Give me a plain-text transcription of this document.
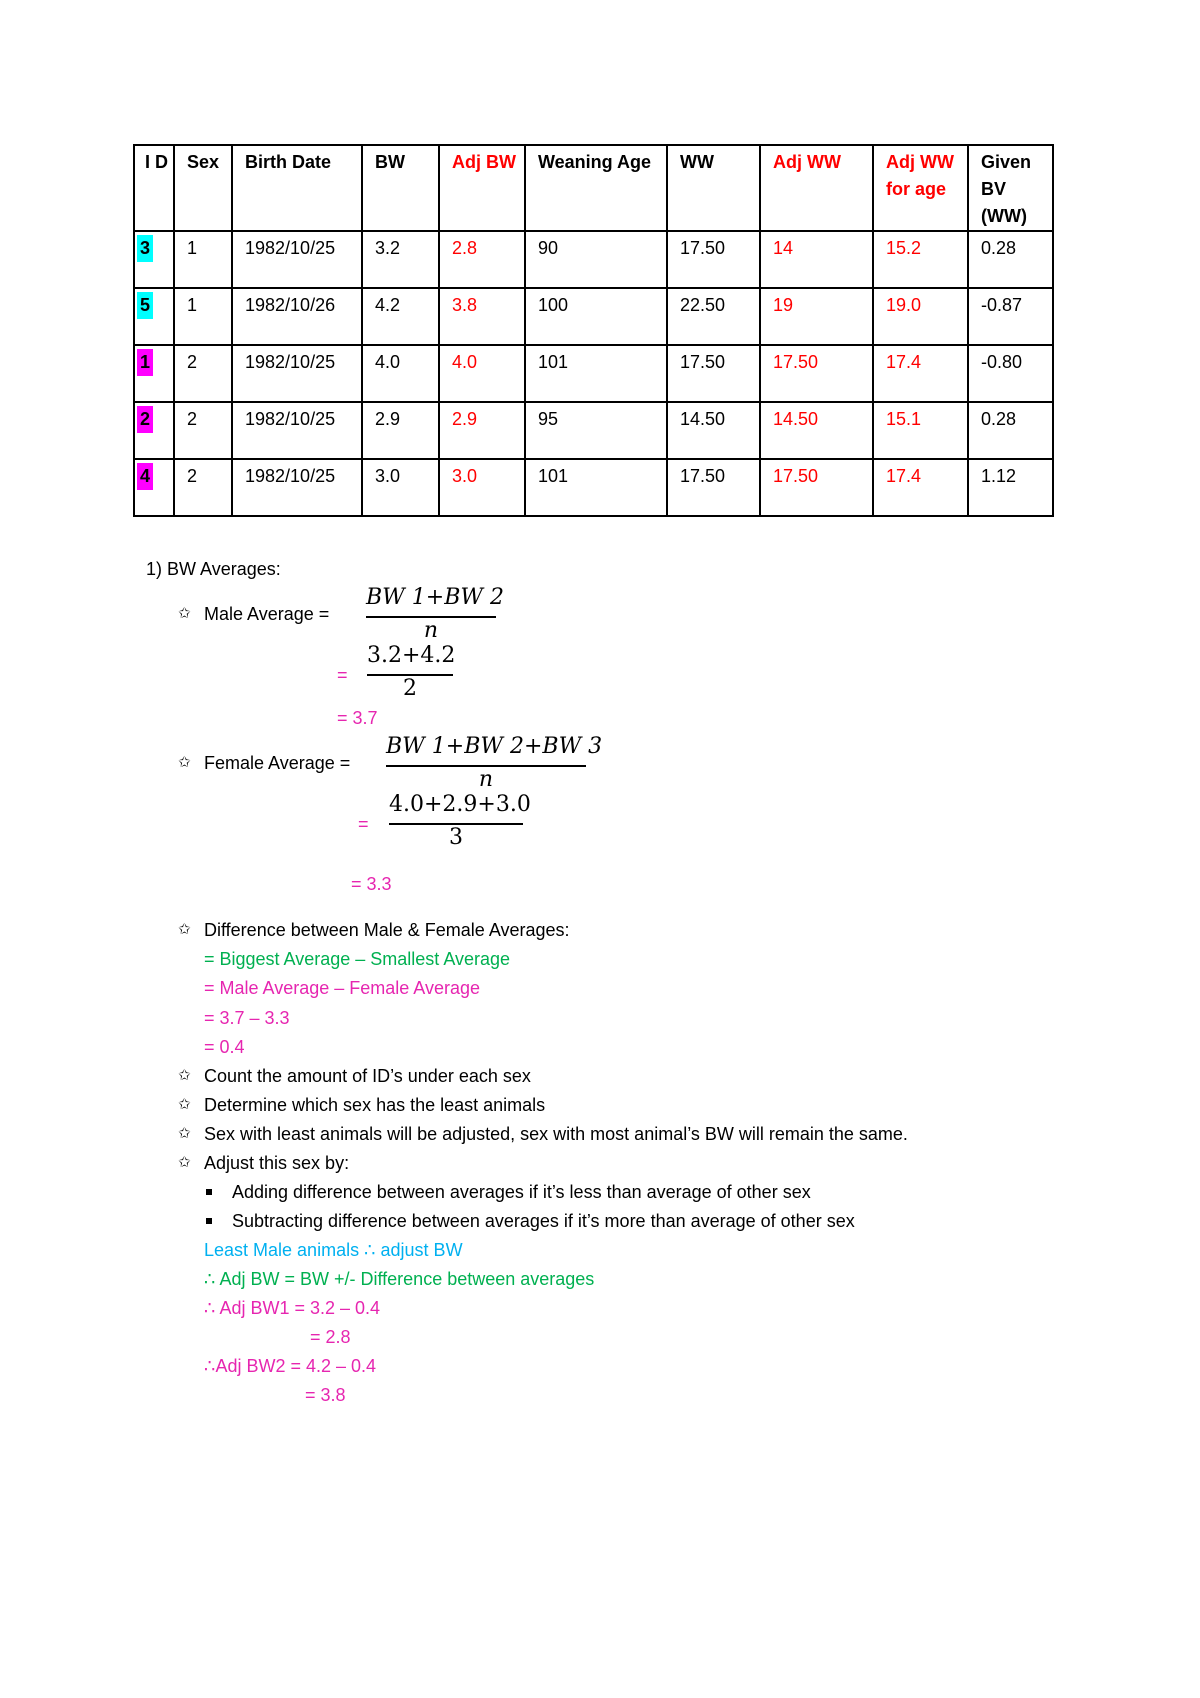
I D	Sex	Birth Date	BW	Adj BW	Weaning Age	WW	Adj WW	Adj WW for age	Given BV (WW)

3	1	1982/10/25	3.2	2.8	90	17.50	14	15.2	0.28

5	1	1982/10/26	4.2	3.8	100	22.50	19	19.0	-0.87

1	2	1982/10/25	4.0	4.0	101	17.50	17.50	17.4	-0.80

2	2	1982/10/25	2.9	2.9	95	14.50	14.50	15.1	0.28

4	2	1982/10/25	3.0	3.0	101	17.50	17.50	17.4	1.12
1) BW Averages:
✩ Male Average =
BW 1+BW 2
n
=
3.2+4.2
2
= 3.7
✩ Female Average =
BW 1+BW 2+BW 3
n
=
4.0+2.9+3.0
3
= 3.3
✩ Difference between Male & Female Averages:
= Biggest Average – Smallest Average
= Male Average – Female Average
= 3.7 – 3.3
= 0.4
✩ Count the amount of ID’s under each sex
✩ Determine which sex has the least animals
✩ Sex with least animals will be adjusted, sex with most animal’s BW will remain the same.
✩ Adjust this sex by:
Adding difference between averages if it’s less than average of other sex
Subtracting difference between averages if it’s more than average of other sex
Least Male animals ∴ adjust BW
∴ Adj BW = BW +/- Difference between averages
∴ Adj BW1 = 3.2 – 0.4
= 2.8
∴Adj BW2 = 4.2 – 0.4
= 3.8
